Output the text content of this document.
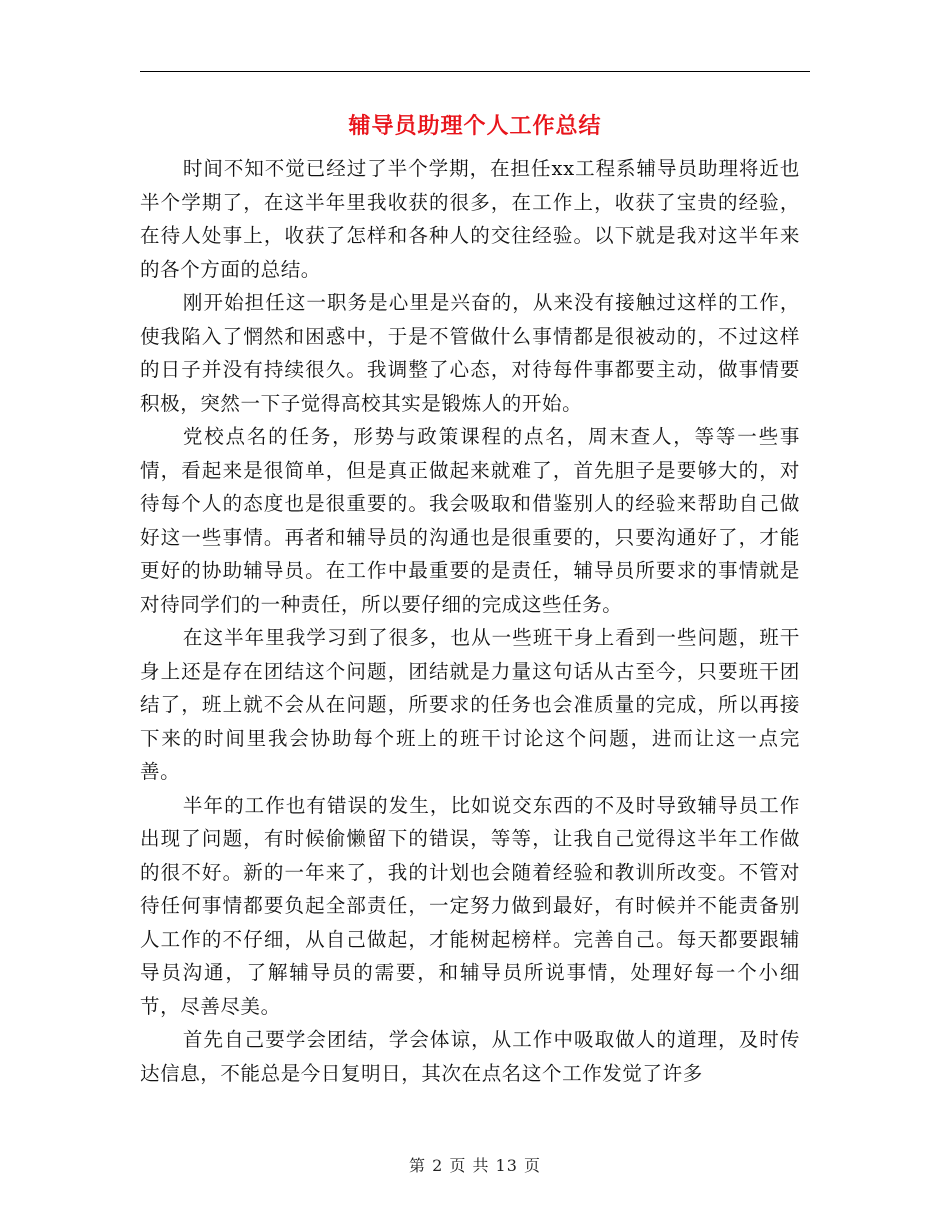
辅导员助理个人工作总结

时间不知不觉已经过了半个学期，在担任xx工程系辅导员助理将近也半个学期了，在这半年里我收获的很多，在工作上，收获了宝贵的经验，在待人处事上，收获了怎样和各种人的交往经验。以下就是我对这半年来的各个方面的总结。

刚开始担任这一职务是心里是兴奋的，从来没有接触过这样的工作，使我陷入了惘然和困惑中，于是不管做什么事情都是很被动的，不过这样的日子并没有持续很久。我调整了心态，对待每件事都要主动，做事情要积极，突然一下子觉得高校其实是锻炼人的开始。

党校点名的任务，形势与政策课程的点名，周末查人，等等一些事情，看起来是很简单，但是真正做起来就难了，首先胆子是要够大的，对待每个人的态度也是很重要的。我会吸取和借鉴别人的经验来帮助自己做好这一些事情。再者和辅导员的沟通也是很重要的，只要沟通好了，才能更好的协助辅导员。在工作中最重要的是责任，辅导员所要求的事情就是对待同学们的一种责任，所以要仔细的完成这些任务。

在这半年里我学习到了很多，也从一些班干身上看到一些问题，班干身上还是存在团结这个问题，团结就是力量这句话从古至今，只要班干团结了，班上就不会从在问题，所要求的任务也会准质量的完成，所以再接下来的时间里我会协助每个班上的班干讨论这个问题，进而让这一点完善。

半年的工作也有错误的发生，比如说交东西的不及时导致辅导员工作出现了问题，有时候偷懒留下的错误，等等，让我自己觉得这半年工作做的很不好。新的一年来了，我的计划也会随着经验和教训所改变。不管对待任何事情都要负起全部责任，一定努力做到最好，有时候并不能责备别人工作的不仔细，从自己做起，才能树起榜样。完善自己。每天都要跟辅导员沟通，了解辅导员的需要，和辅导员所说事情，处理好每一个小细节，尽善尽美。

首先自己要学会团结，学会体谅，从工作中吸取做人的道理，及时传达信息，不能总是今日复明日，其次在点名这个工作发觉了许多

第 2 页 共 13 页
